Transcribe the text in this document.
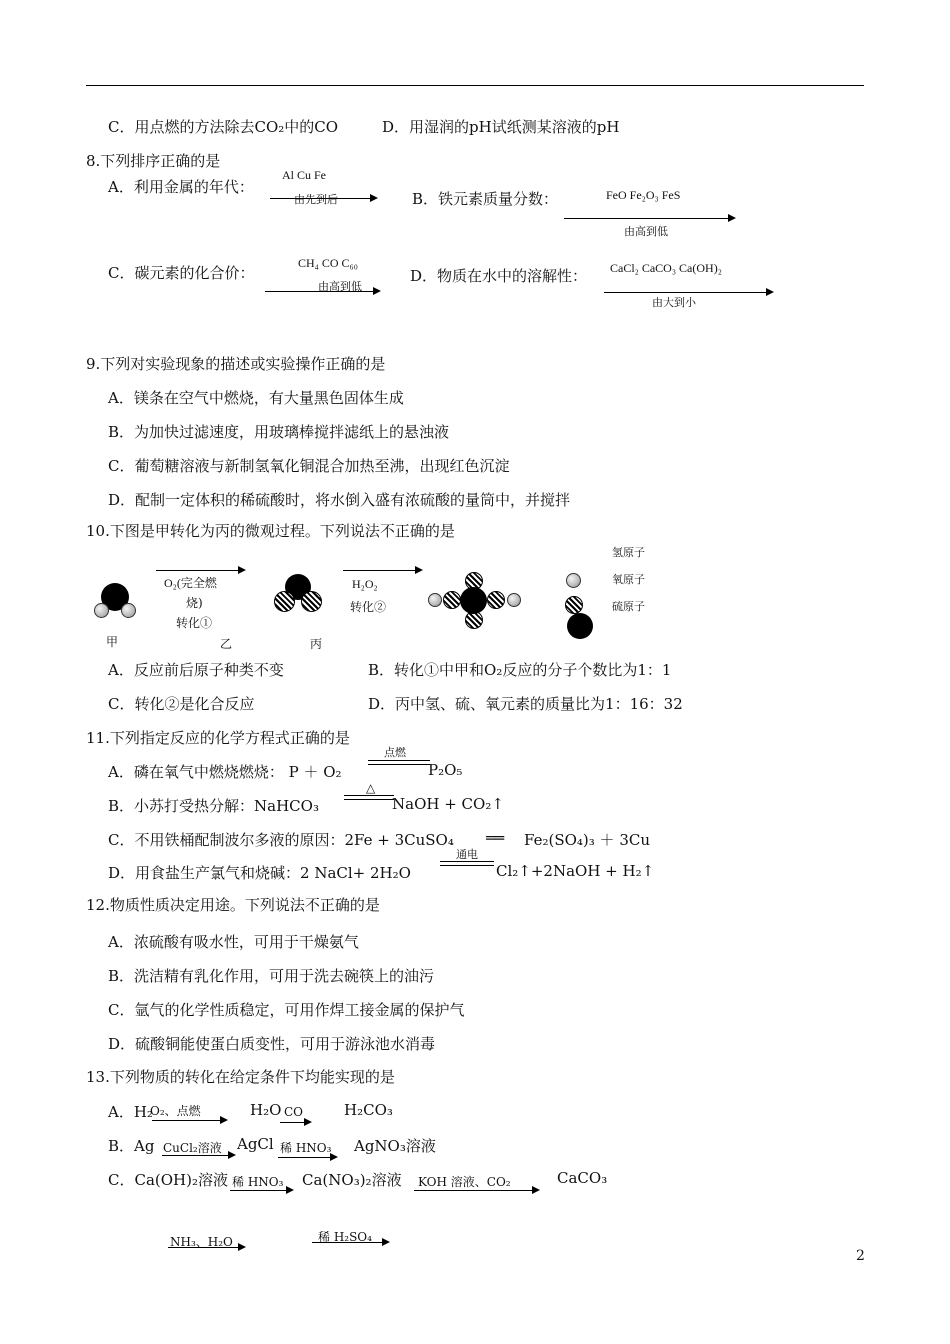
C．用点燃的方法除去CO₂中的CO	D．用湿润的pH试纸测某溶液的pH
8.下列排序正确的是
A．利用金属的年代：
Al Cu Fe
由先到后	B．铁元素质量分数：	FeO Fe₂O₃ FeS
由高到低
C．碳元素的化合价：
CH₄ CO C₆₀
由高到低
D．物质在水中的溶解性： CaCl₂ CaCO₃ Ca(OH)₂
由大到小
9.下列对实验现象的描述或实验操作正确的是
A．镁条在空气中燃烧，有大量黑色固体生成
B．为加快过滤速度，用玻璃棒搅拌滤纸上的悬浊液
C．葡萄糖溶液与新制氢氧化铜混合加热至沸，出现红色沉淀
D．配制一定体积的稀硫酸时，将水倒入盛有浓硫酸的量筒中，并搅拌
10.下图是甲转化为丙的微观过程。下列说法不正确的是
氢原子
氧原子
硫原子
O₂(完全燃
烧)
转化①
H₂O₂
转化②
甲	乙	丙
A．反应前后原子种类不变	B．转化①中甲和O₂反应的分子个数比为1：1
C．转化②是化合反应	D．丙中氢、硫、氧元素的质量比为1：16：32
11.下列指定反应的化学方程式正确的是
点燃
A．磷在氧气中燃烧燃烧： P ＋ O₂	P₂O₅
△
B．小苏打受热分解：NaHCO₃	NaOH + CO₂↑
C．不用铁桶配制波尔多液的原因：2Fe + 3CuSO₄ ══ Fe₂(SO₄)₃ ＋ 3Cu
通电
D．用食盐生产氯气和烧碱：2 NaCl+ 2H₂O	Cl₂↑+2NaOH + H₂↑
12.物质性质决定用途。下列说法不正确的是
A．浓硫酸有吸水性，可用于干燥氨气
B．洗洁精有乳化作用，可用于洗去碗筷上的油污
C．氩气的化学性质稳定，可用作焊工接金属的保护气
D．硫酸铜能使蛋白质变性，可用于游泳池水消毒
13.下列物质的转化在给定条件下均能实现的是
A．H₂
O₂、点燃	H₂O CO	H₂CO₃
B．Ag CuCl₂溶液 AgCl 稀 HNO₃ AgNO₃溶液
C．Ca(OH)₂溶液 稀 HNO₃ Ca(NO₃)₂溶液 KOH 溶液、CO₂	CaCO₃
NH₃、H₂O	稀 H₂SO₄
2
